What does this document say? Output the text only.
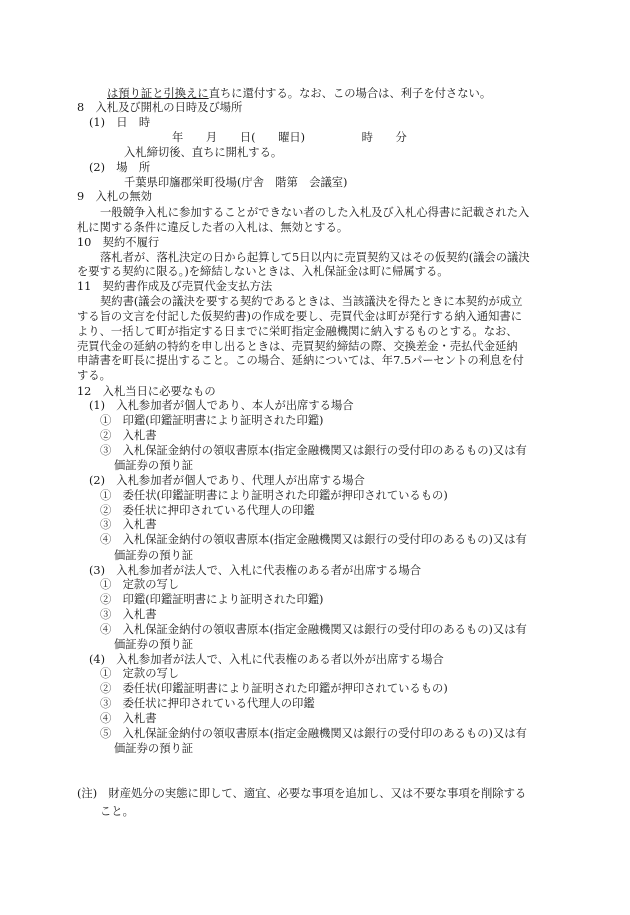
は預り証と引換えに直ちに還付する。なお、この場合は、利子を付さない。
8　入札及び開札の日時及び場所
(1)　日　時
年　　月　　日(　　曜日)　　　　　時　　分
入札締切後、直ちに開札する。
(2)　場　所
千葉県印旛郡栄町役場(庁舎　階第　会議室)
9　入札の無効
一般競争入札に参加することができない者のした入札及び入札心得書に記載された入
札に関する条件に違反した者の入札は、無効とする。
10　契約不履行
落札者が、落札決定の日から起算して5日以内に売買契約又はその仮契約(議会の議決
を要する契約に限る。)を締結しないときは、入札保証金は町に帰属する。
11　契約書作成及び売買代金支払方法
契約書(議会の議決を要する契約であるときは、当該議決を得たときに本契約が成立
する旨の文言を付記した仮契約書)の作成を要し、売買代金は町が発行する納入通知書に
より、一括して町が指定する日までに栄町指定金融機関に納入するものとする。なお、
売買代金の延納の特約を申し出るときは、売買契約締結の際、交換差金・売払代金延納
申請書を町長に提出すること。この場合、延納については、年7.5パーセントの利息を付
する。
12　入札当日に必要なもの
(1)　入札参加者が個人であり、本人が出席する場合
①　印鑑(印鑑証明書により証明された印鑑)
②　入札書
③　入札保証金納付の領収書原本(指定金融機関又は銀行の受付印のあるもの)又は有
価証券の預り証
(2)　入札参加者が個人であり、代理人が出席する場合
①　委任状(印鑑証明書により証明された印鑑が押印されているもの)
②　委任状に押印されている代理人の印鑑
③　入札書
④　入札保証金納付の領収書原本(指定金融機関又は銀行の受付印のあるもの)又は有
価証券の預り証
(3)　入札参加者が法人で、入札に代表権のある者が出席する場合
①　定款の写し
②　印鑑(印鑑証明書により証明された印鑑)
③　入札書
④　入札保証金納付の領収書原本(指定金融機関又は銀行の受付印のあるもの)又は有
価証券の預り証
(4)　入札参加者が法人で、入札に代表権のある者以外が出席する場合
①　定款の写し
②　委任状(印鑑証明書により証明された印鑑が押印されているもの)
③　委任状に押印されている代理人の印鑑
④　入札書
⑤　入札保証金納付の領収書原本(指定金融機関又は銀行の受付印のあるもの)又は有
価証券の預り証
(注)　財産処分の実態に即して、適宜、必要な事項を追加し、又は不要な事項を削除する
こと。
